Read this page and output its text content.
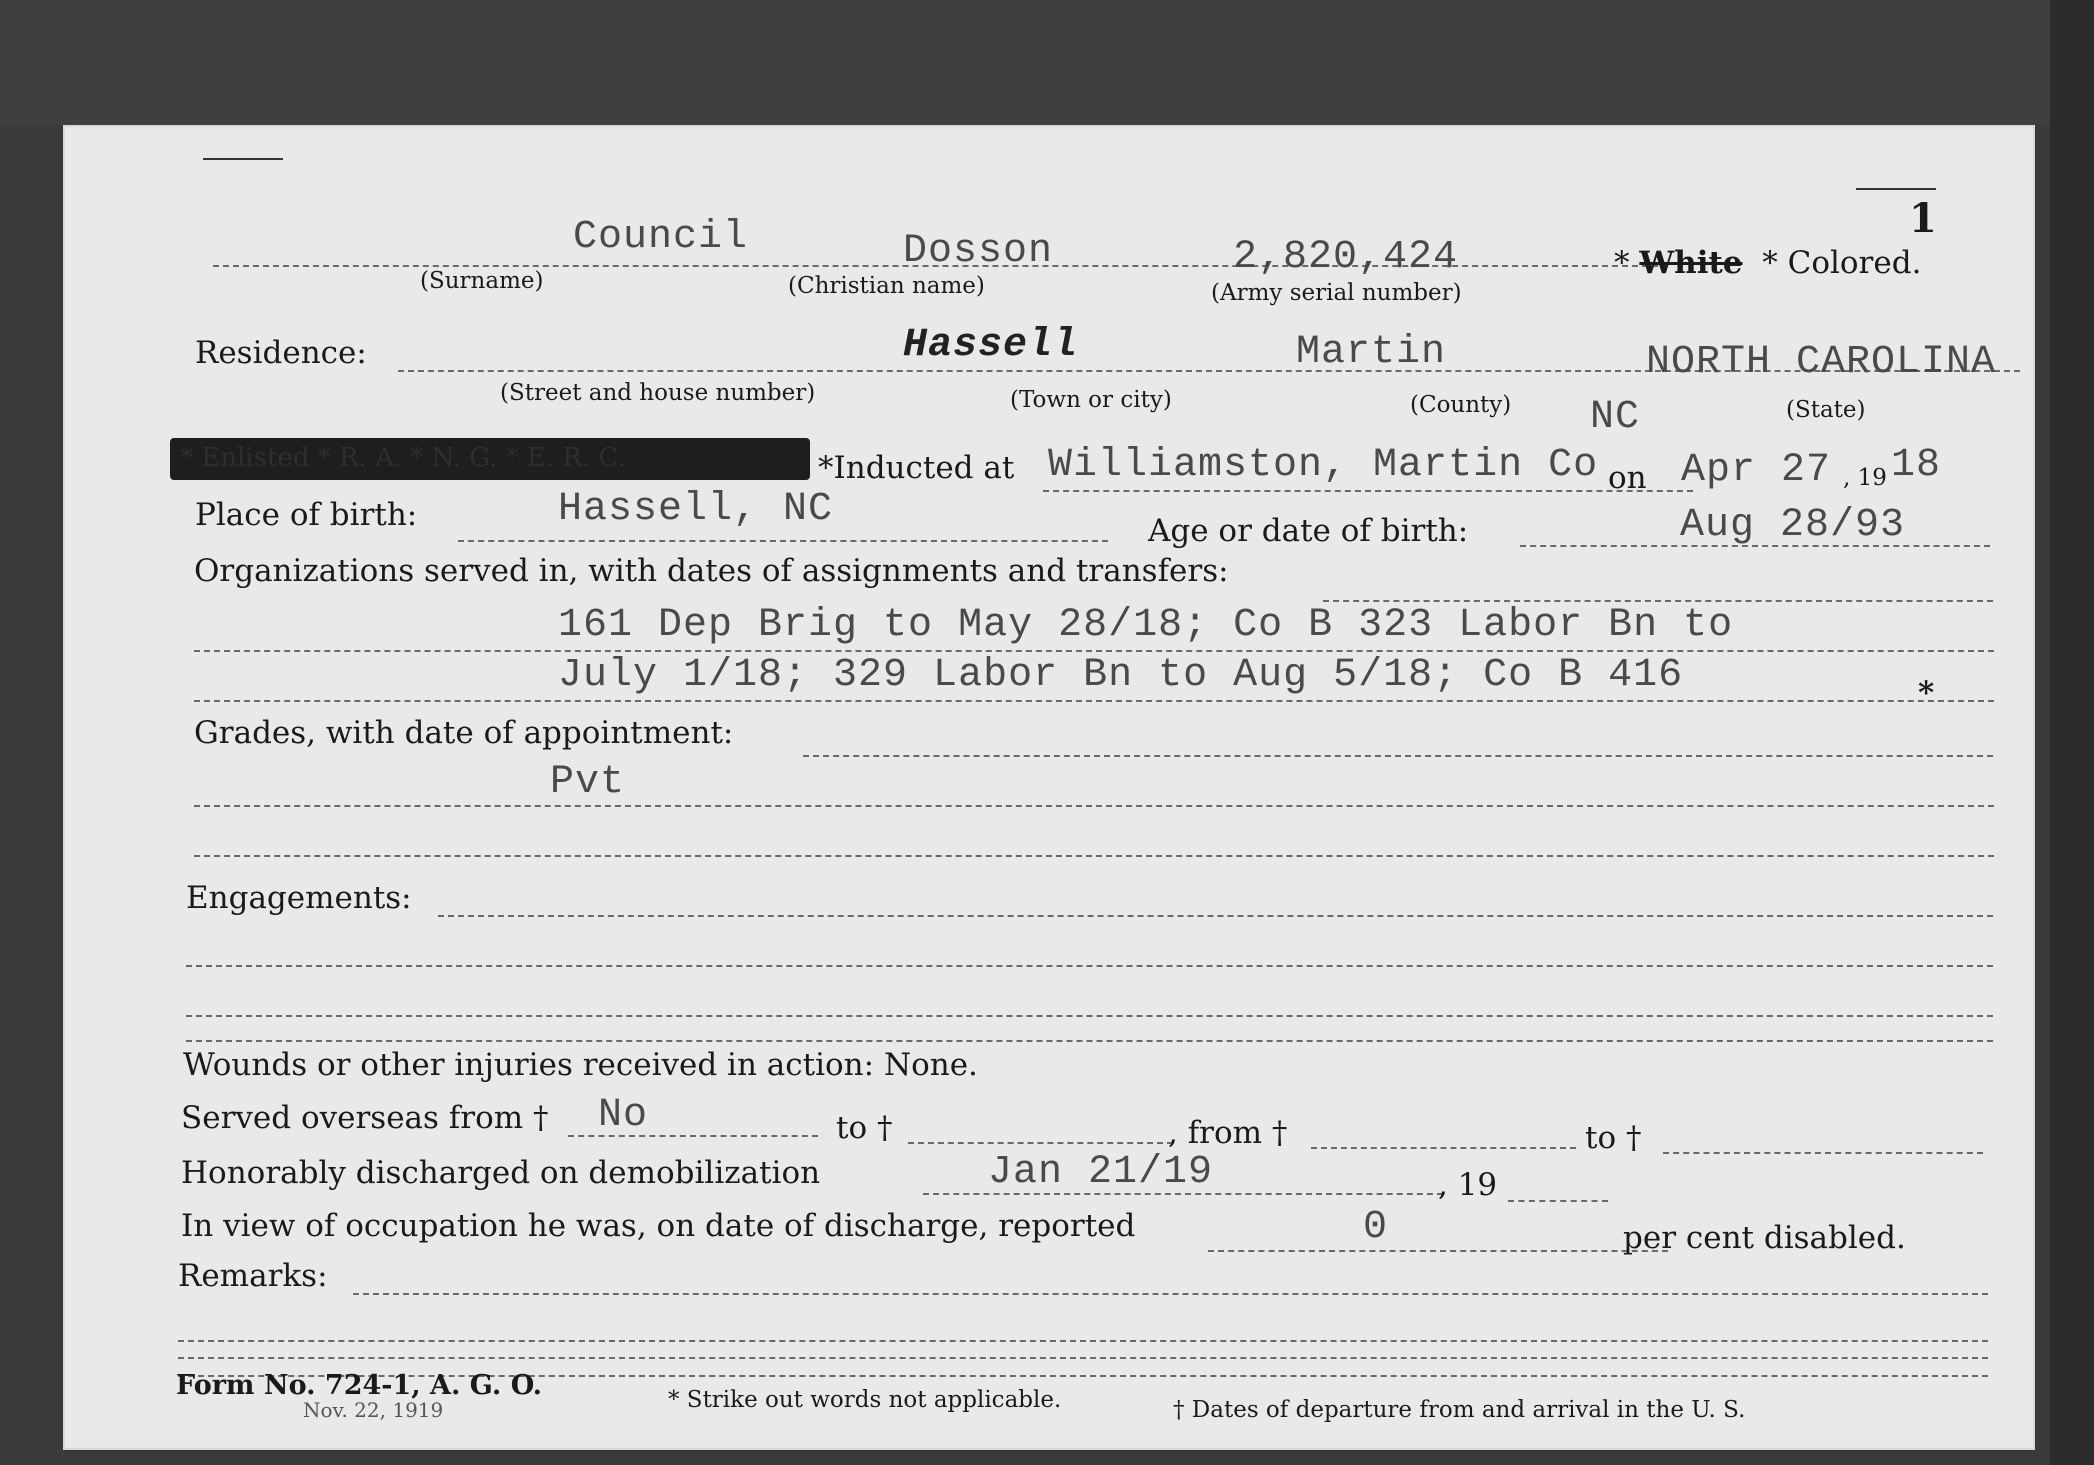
1
Council	Dosson	2,820,424
(Surname)	(Christian name)	(Army serial number)
* White  * Colored.
Residence:	Hassell	Martin	NORTH CAROLINA
(Street and house number)	(Town or city)	(County)	(State)
NC
* Enlisted * R. A. * N. G. * E. R. C.	*Inducted at Williamston, Martin Co on Apr 27 , 19 18
Place of birth:	Hassell, NC	Age or date of birth:	Aug 28/93
Organizations served in, with dates of assignments and transfers:
161 Dep Brig to May 28/18; Co B 323 Labor Bn to
July 1/18; 329 Labor Bn to Aug 5/18; Co B 416	*
Grades, with date of appointment:
Pvt
Engagements:
Wounds or other injuries received in action: None.
Served overseas from † No	to †	, from †	to †
Honorably discharged on demobilization	Jan 21/19	, 19
In view of occupation he was, on date of discharge, reported	0	per cent disabled.
Remarks:
Form No. 724-1, A. G. O.
Nov. 22, 1919	* Strike out words not applicable.	† Dates of departure from and arrival in the U. S.
